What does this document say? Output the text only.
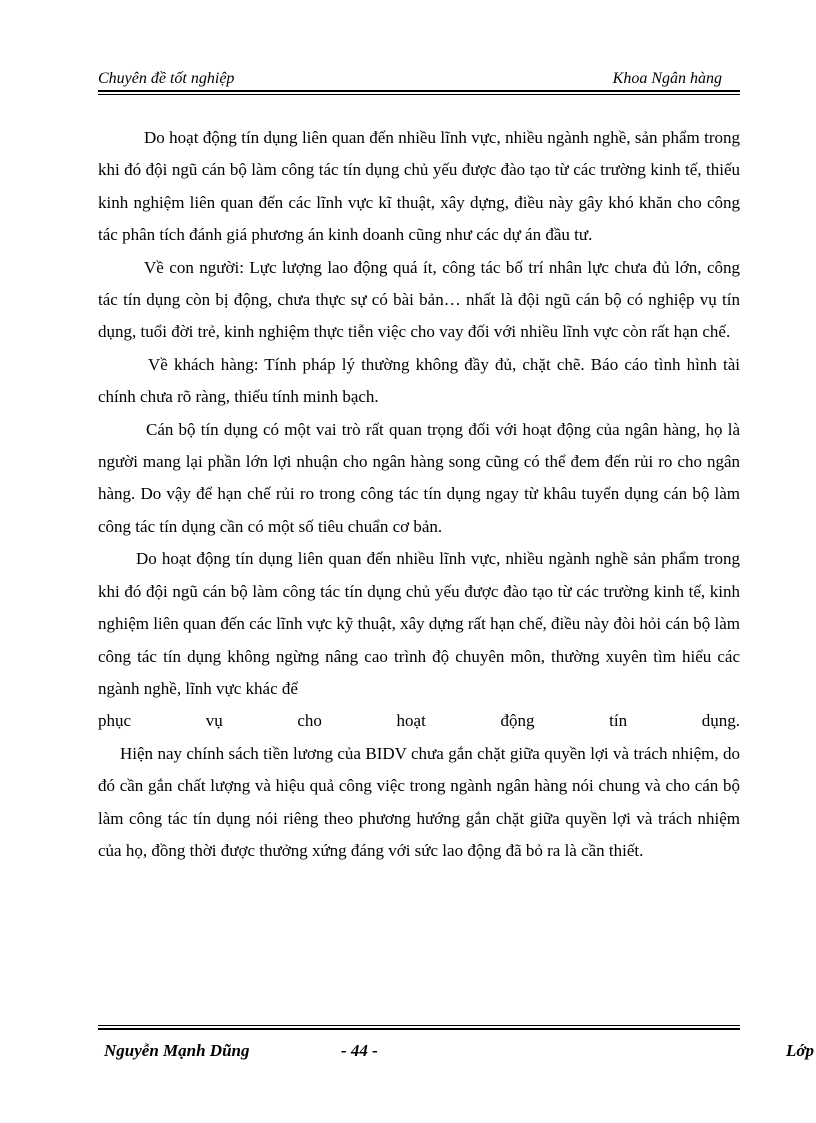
Chuyên đề tốt nghiệp	Khoa Ngân hàng

Do hoạt động tín dụng liên quan đến nhiều lĩnh vực, nhiều ngành nghề, sản phẩm trong khi đó đội ngũ cán bộ làm công tác tín dụng chủ yếu được đào tạo từ các trường kinh tế, thiếu kinh nghiệm liên quan đến các lĩnh vực kĩ thuật, xây dựng, điều này gây khó khăn cho công tác phân tích đánh giá phương án kinh doanh cũng như các dự án đầu tư.

Về con người: Lực lượng lao động quá ít, công tác bố trí nhân lực chưa đủ lớn, công tác tín dụng còn bị động, chưa thực sự có bài bản… nhất là đội ngũ cán bộ có nghiệp vụ tín dụng, tuổi đời trẻ, kinh nghiệm thực tiễn việc cho vay đối với nhiều lĩnh vực còn rất hạn chế.

Về khách hàng: Tính pháp lý thường không đầy đủ, chặt chẽ. Báo cáo tình hình tài chính chưa rõ ràng, thiếu tính minh bạch.

Cán bộ tín dụng có một vai trò rất quan trọng đối với hoạt động của ngân hàng, họ là người mang lại phần lớn lợi nhuận cho ngân hàng song cũng có thể đem đến rủi ro cho ngân hàng. Do vậy để hạn chế rủi ro trong công tác tín dụng ngay từ khâu tuyển dụng cán bộ làm công tác tín dụng cần có một số tiêu chuẩn cơ bản.

Do hoạt động tín dụng liên quan đến nhiều lĩnh vực, nhiều ngành nghề sản phẩm trong khi đó đội ngũ cán bộ làm công tác tín dụng chủ yếu được đào tạo từ các trường kinh tế, kinh nghiệm liên quan đến các lĩnh vực kỹ thuật, xây dựng rất hạn chế, điều này đòi hỏi cán bộ làm công tác tín dụng không ngừng nâng cao trình độ chuyên môn, thường xuyên tìm hiểu các ngành nghề, lĩnh vực khác để

phục vụ cho hoạt động tín dụng.

Hiện nay chính sách tiền lương của BIDV chưa gắn chặt giữa quyền lợi và trách nhiệm, do đó cần gắn chất lượng và hiệu quả công việc trong ngành ngân hàng nói chung và cho cán bộ làm công tác tín dụng nói riêng theo phương hướng gắn chặt giữa quyền lợi và trách nhiệm của họ, đồng thời được thưởng xứng đáng với sức lao động đã bỏ ra là cần thiết.

Nguyễn Mạnh Dũng	- 44 -	Lớp
